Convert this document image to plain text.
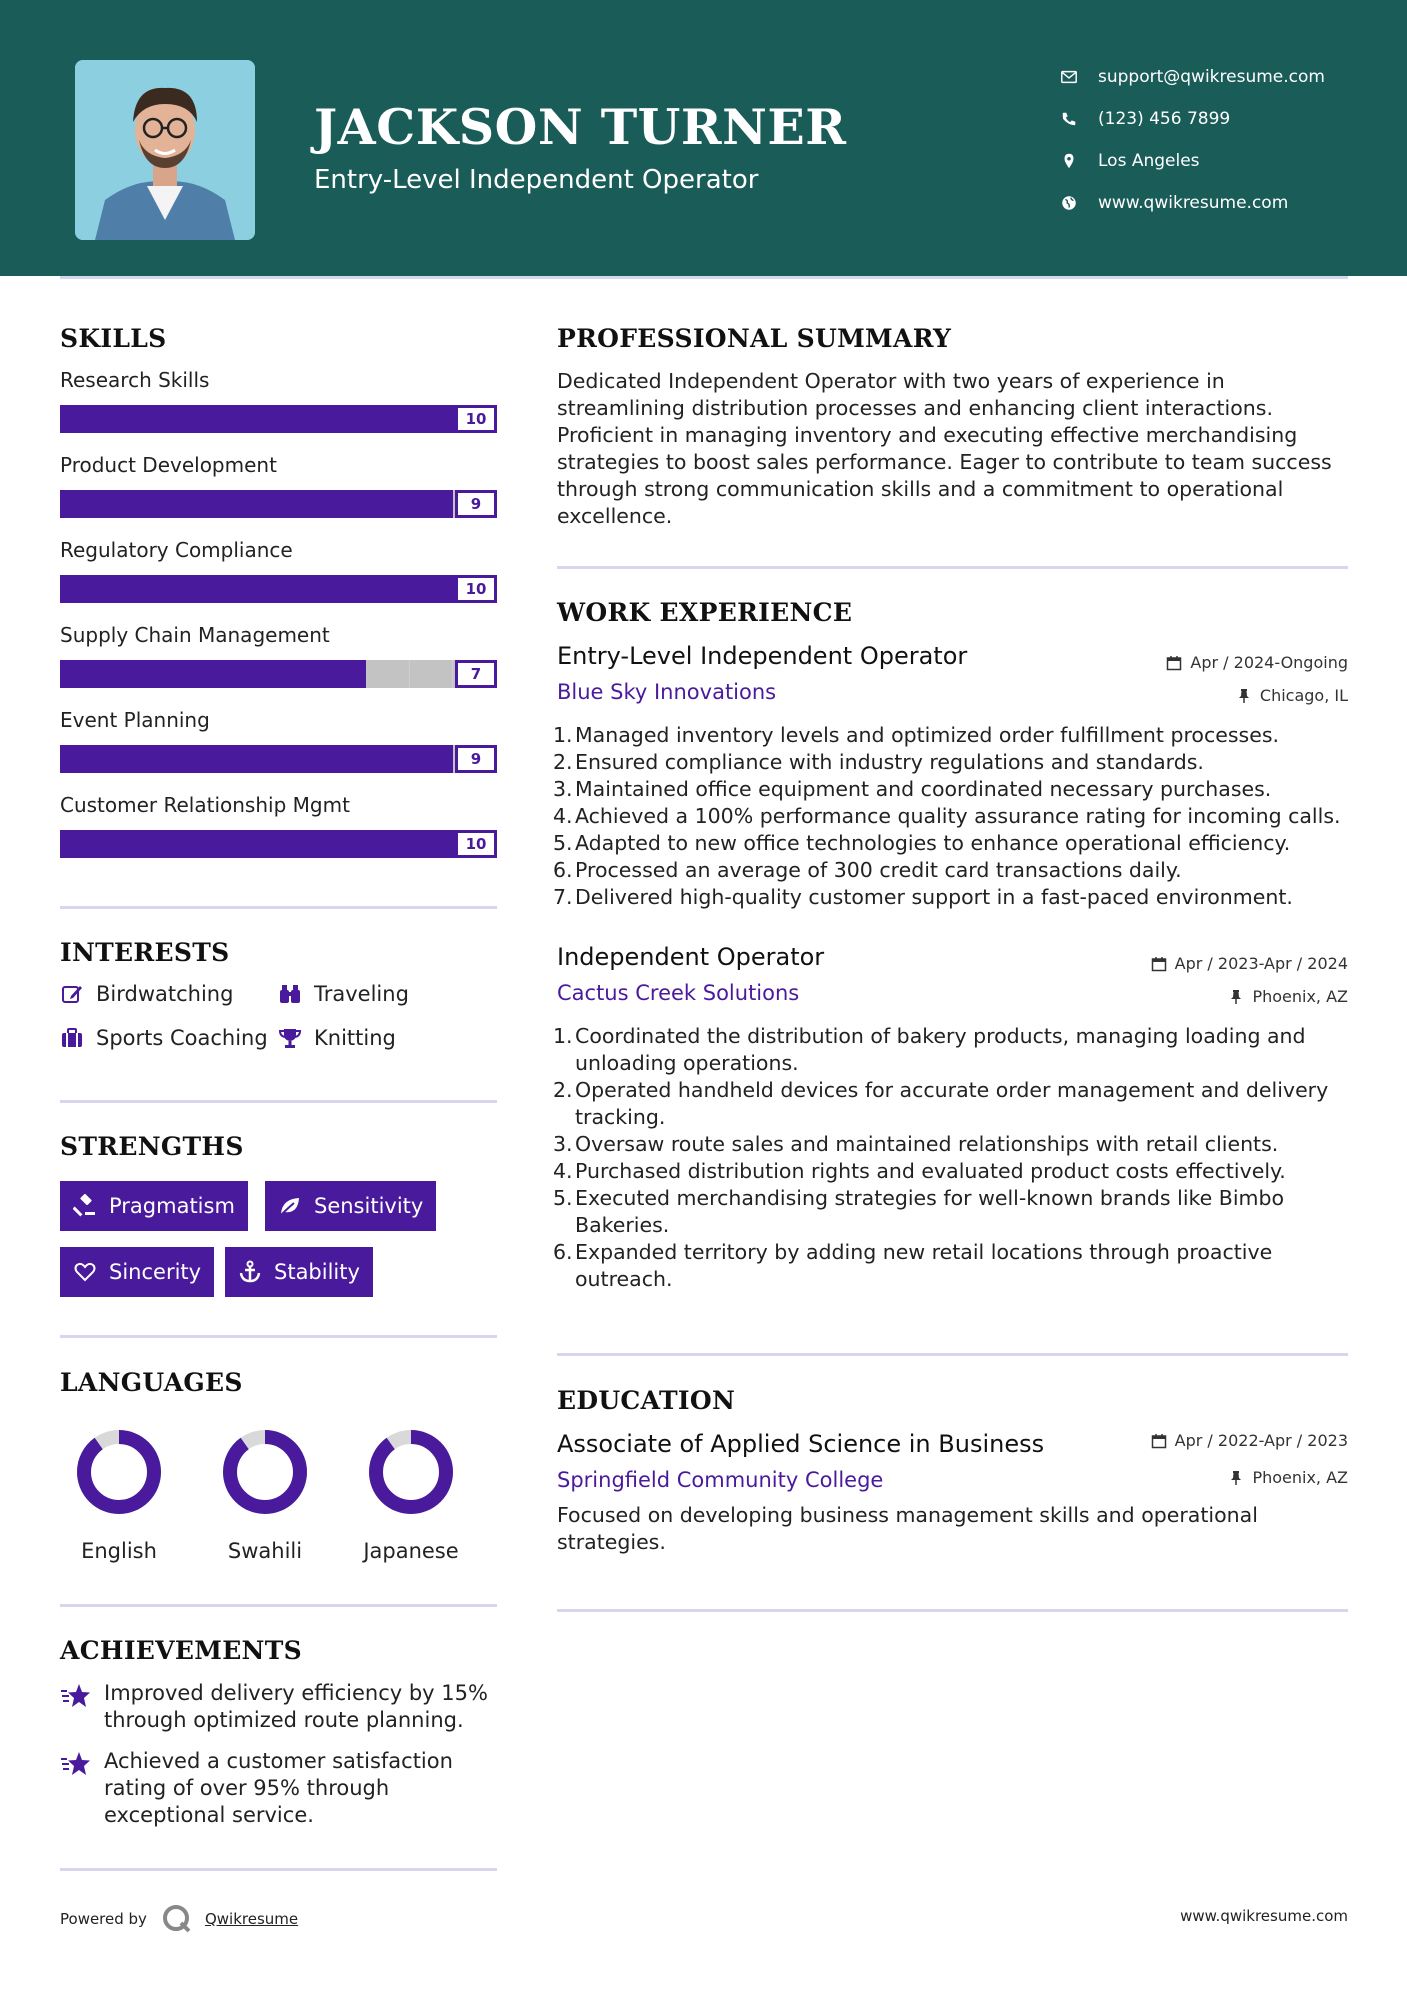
JACKSON TURNER
Entry-Level Independent Operator
support@qwikresume.com
(123) 456 7899
Los Angeles
www.qwikresume.com
SKILLS
Research Skills
10
Product Development
9
Regulatory Compliance
10
Supply Chain Management
7
Event Planning
9
Customer Relationship Mgmt
10
INTERESTS
Birdwatching	Traveling
Sports Coaching Knitting
STRENGTHS
Pragmatism	Sensitivity
Sincerity	Stability
LANGUAGES
English	Swahili	Japanese
ACHIEVEMENTS
Improved delivery efficiency by 15% through optimized route planning.
Achieved a customer satisfaction rating of over 95% through exceptional service.
PROFESSIONAL SUMMARY
Dedicated Independent Operator with two years of experience in streamlining distribution processes and enhancing client interactions. Proficient in managing inventory and executing effective merchandising strategies to boost sales performance. Eager to contribute to team success through strong communication skills and a commitment to operational excellence.
WORK EXPERIENCE
Entry-Level Independent Operator	Apr / 2024-Ongoing
Blue Sky Innovations	Chicago, IL
1. Managed inventory levels and optimized order fulfillment processes.
2. Ensured compliance with industry regulations and standards.
3. Maintained office equipment and coordinated necessary purchases.
4. Achieved a 100% performance quality assurance rating for incoming calls.
5. Adapted to new office technologies to enhance operational efficiency.
6. Processed an average of 300 credit card transactions daily.
7. Delivered high-quality customer support in a fast-paced environment.
Independent Operator	Apr / 2023-Apr / 2024
Cactus Creek Solutions	Phoenix, AZ
1. Coordinated the distribution of bakery products, managing loading and unloading operations.
2. Operated handheld devices for accurate order management and delivery tracking.
3. Oversaw route sales and maintained relationships with retail clients.
4. Purchased distribution rights and evaluated product costs effectively.
5. Executed merchandising strategies for well-known brands like Bimbo Bakeries.
6. Expanded territory by adding new retail locations through proactive outreach.
EDUCATION
Associate of Applied Science in Business	Apr / 2022-Apr / 2023
Springfield Community College	Phoenix, AZ
Focused on developing business management skills and operational strategies.
Powered by	Qwikresume	www.qwikresume.com
